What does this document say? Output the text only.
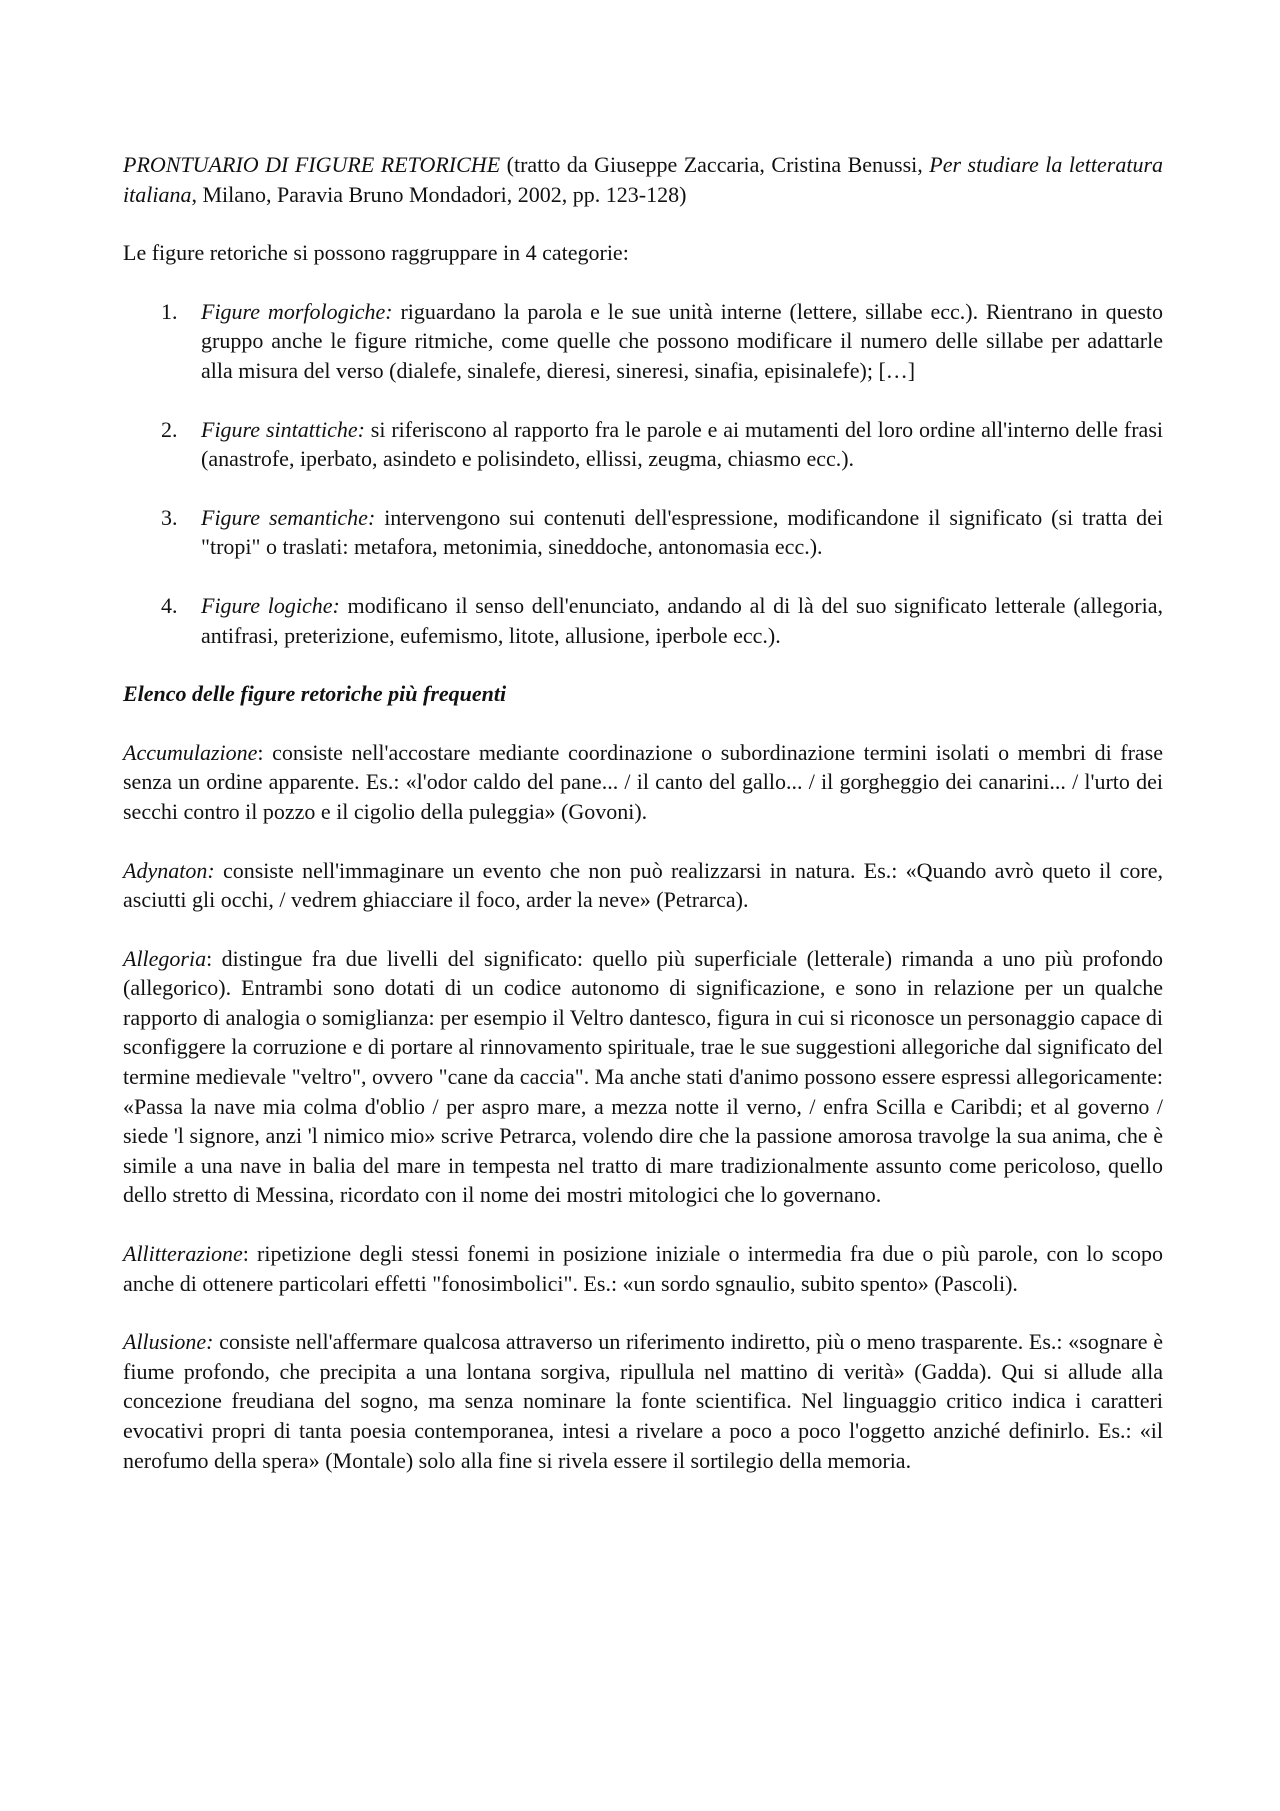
PRONTUARIO DI FIGURE RETORICHE (tratto da Giuseppe Zaccaria, Cristina Benussi, Per studiare la letteratura italiana, Milano, Paravia Bruno Mondadori, 2002, pp. 123-128)

Le figure retoriche si possono raggruppare in 4 categorie:

1. Figure morfologiche: riguardano la parola e le sue unità interne (lettere, sillabe ecc.). Rientrano in questo gruppo anche le figure ritmiche, come quelle che possono modificare il numero delle sillabe per adattarle alla misura del verso (dialefe, sinalefe, dieresi, sineresi, sinafia, episinalefe); […]
2. Figure sintattiche: si riferiscono al rapporto fra le parole e ai mutamenti del loro ordine all'interno delle frasi (anastrofe, iperbato, asindeto e polisindeto, ellissi, zeugma, chiasmo ecc.).
3. Figure semantiche: intervengono sui contenuti dell'espressione, modificandone il significato (si tratta dei "tropi" o traslati: metafora, metonimia, sineddoche, antonomasia ecc.).
4. Figure logiche: modificano il senso dell'enunciato, andando al di là del suo significato letterale (allegoria, antifrasi, preterizione, eufemismo, litote, allusione, iperbole ecc.).

Elenco delle figure retoriche più frequenti

Accumulazione: consiste nell'accostare mediante coordinazione o subordinazione termini isolati o membri di frase senza un ordine apparente. Es.: «l'odor caldo del pane... / il canto del gallo... / il gorgheggio dei canarini... / l'urto dei secchi contro il pozzo e il cigolio della puleggia» (Govoni).

Adynaton: consiste nell'immaginare un evento che non può realizzarsi in natura. Es.: «Quando avrò queto il core, asciutti gli occhi, / vedrem ghiacciare il foco, arder la neve» (Petrarca).

Allegoria: distingue fra due livelli del significato: quello più superficiale (letterale) rimanda a uno più profondo (allegorico). Entrambi sono dotati di un codice autonomo di significazione, e sono in relazione per un qualche rapporto di analogia o somiglianza: per esempio il Veltro dantesco, figura in cui si riconosce un personaggio capace di sconfiggere la corruzione e di portare al rinnovamento spirituale, trae le sue suggestioni allegoriche dal significato del termine medievale "veltro", ovvero "cane da caccia". Ma anche stati d'animo possono essere espressi allegoricamente: «Passa la nave mia colma d'oblio / per aspro mare, a mezza notte il verno, / enfra Scilla e Caribdi; et al governo / siede 'l signore, anzi 'l nimico mio» scrive Petrarca, volendo dire che la passione amorosa travolge la sua anima, che è simile a una nave in balia del mare in tempesta nel tratto di mare tradizionalmente assunto come pericoloso, quello dello stretto di Messina, ricordato con il nome dei mostri mitologici che lo governano.

Allitterazione: ripetizione degli stessi fonemi in posizione iniziale o intermedia fra due o più parole, con lo scopo anche di ottenere particolari effetti "fonosimbolici". Es.: «un sordo sgnaulio, subito spento» (Pascoli).

Allusione: consiste nell'affermare qualcosa attraverso un riferimento indiretto, più o meno trasparente. Es.: «sognare è fiume profondo, che precipita a una lontana sorgiva, ripullula nel mattino di verità» (Gadda). Qui si allude alla concezione freudiana del sogno, ma senza nominare la fonte scientifica. Nel linguaggio critico indica i caratteri evocativi propri di tanta poesia contemporanea, intesi a rivelare a poco a poco l'oggetto anziché definirlo. Es.: «il nerofumo della spera» (Montale) solo alla fine si rivela essere il sortilegio della memoria.
